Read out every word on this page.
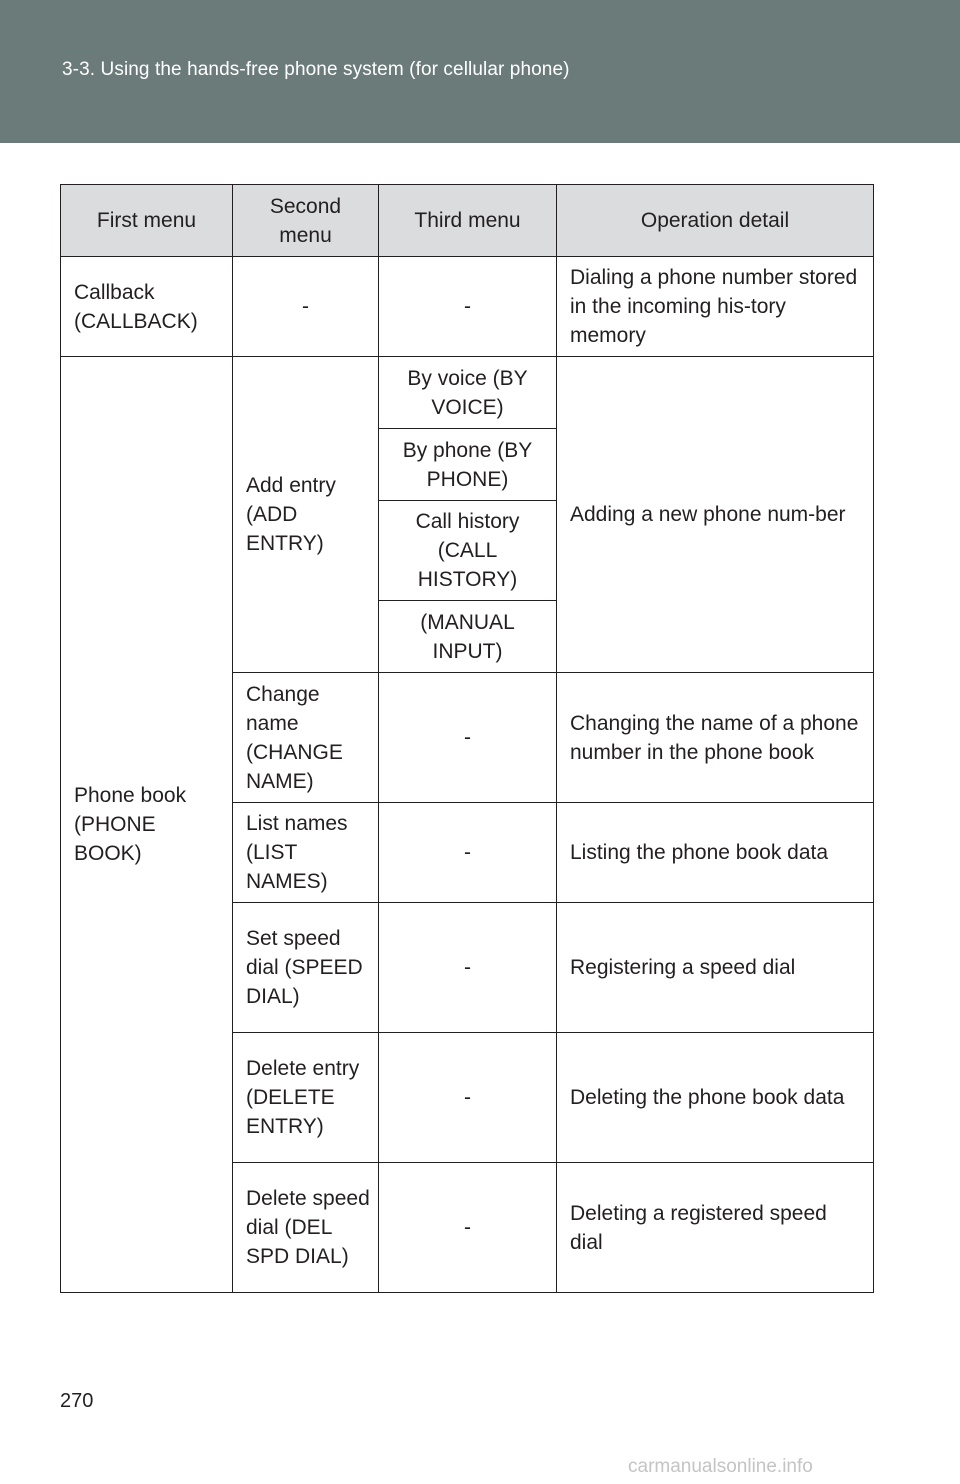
3-3. Using the hands-free phone system (for cellular phone)
First menu	Second menu	Third menu	Operation detail
Callback (CALLBACK)	-	-	Dialing a phone number stored in the incoming his-tory memory
Phone book (PHONE BOOK)	Add entry (ADD ENTRY)	By voice (BY VOICE)	Adding a new phone num-ber
		By phone (BY PHONE)	
		Call history (CALL HISTORY)	
		(MANUAL INPUT)	
	Change name (CHANGE NAME)	-	Changing the name of a phone number in the phone book
	List names (LIST NAMES)	-	Listing the phone book data
	Set speed dial (SPEED DIAL)	-	Registering a speed dial
	Delete entry (DELETE ENTRY)	-	Deleting the phone book data
	Delete speed dial (DEL SPD DIAL)	-	Deleting a registered speed dial
270
carmanualsonline.info
